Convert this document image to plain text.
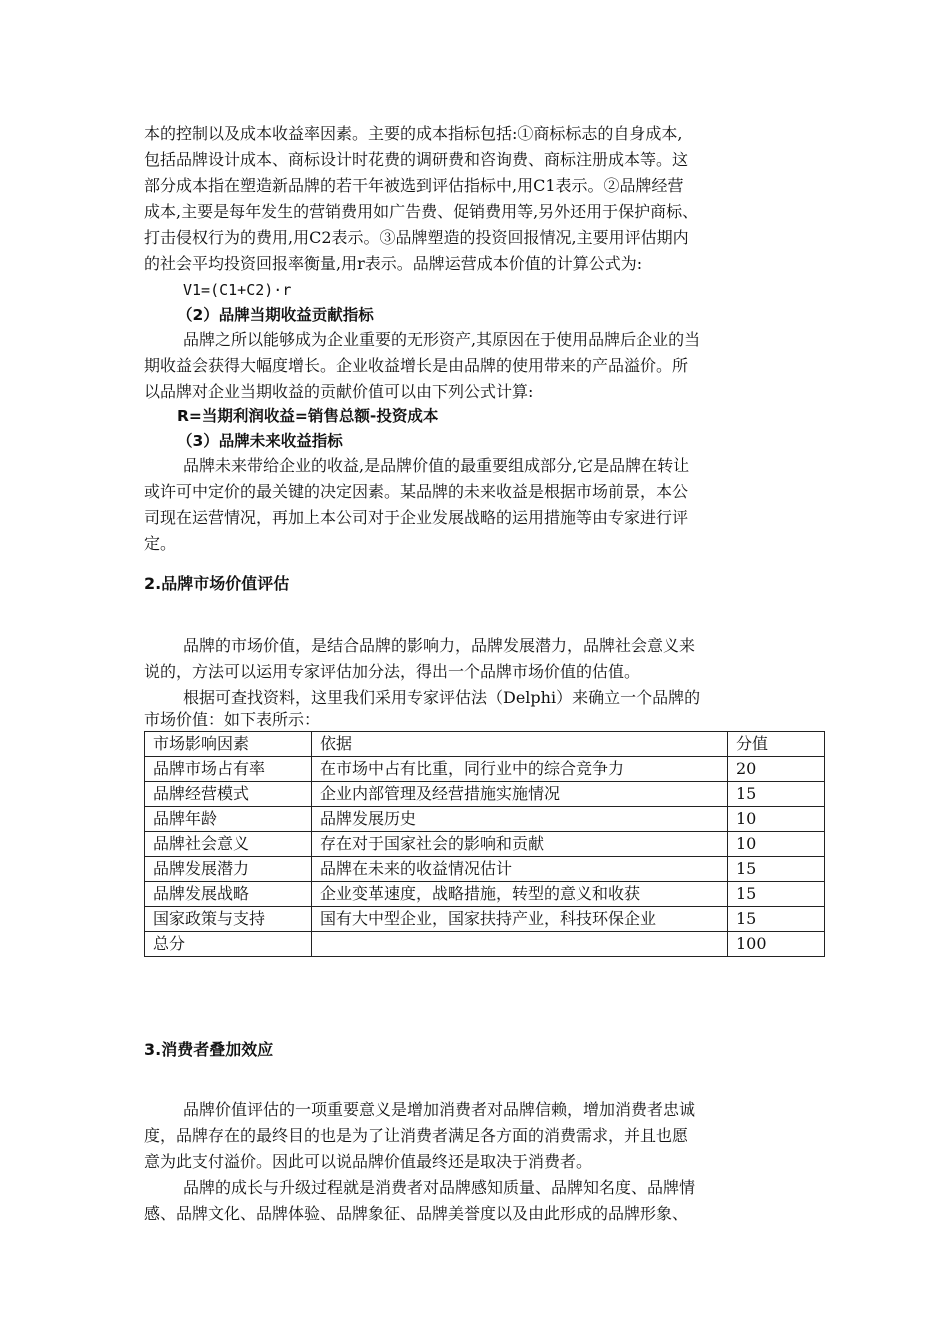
本的控制以及成本收益率因素。主要的成本指标包括:①商标标志的自身成本,
包括品牌设计成本、商标设计时花费的调研费和咨询费、商标注册成本等。这
部分成本指在塑造新品牌的若干年被选到评估指标中,用C1表示。②品牌经营
成本,主要是每年发生的营销费用如广告费、促销费用等,另外还用于保护商标、
打击侵权行为的费用,用C2表示。③品牌塑造的投资回报情况,主要用评估期内
的社会平均投资回报率衡量,用r表示。品牌运营成本价值的计算公式为:
V1=(C1+C2)·r
（2）品牌当期收益贡献指标
品牌之所以能够成为企业重要的无形资产,其原因在于使用品牌后企业的当
期收益会获得大幅度增长。企业收益增长是由品牌的使用带来的产品溢价。所
以品牌对企业当期收益的贡献价值可以由下列公式计算:
R=当期利润收益=销售总额-投资成本
（3）品牌未来收益指标
品牌未来带给企业的收益,是品牌价值的最重要组成部分,它是品牌在转让
或许可中定价的最关键的决定因素。某品牌的未来收益是根据市场前景，本公
司现在运营情况，再加上本公司对于企业发展战略的运用措施等由专家进行评
定。
2.品牌市场价值评估
品牌的市场价值，是结合品牌的影响力，品牌发展潜力，品牌社会意义来
说的，方法可以运用专家评估加分法，得出一个品牌市场价值的估值。
根据可查找资料，这里我们采用专家评估法（Delphi）来确立一个品牌的
市场价值：如下表所示：
市场影响因素	依据	分值
品牌市场占有率	在市场中占有比重，同行业中的综合竞争力	20
品牌经营模式	企业内部管理及经营措施实施情况	15
品牌年龄	品牌发展历史	10
品牌社会意义	存在对于国家社会的影响和贡献	10
品牌发展潜力	品牌在未来的收益情况估计	15
品牌发展战略	企业变革速度，战略措施，转型的意义和收获	15
国家政策与支持	国有大中型企业，国家扶持产业，科技环保企业	15
总分		100
3.消费者叠加效应
品牌价值评估的一项重要意义是增加消费者对品牌信赖，增加消费者忠诚
度，品牌存在的最终目的也是为了让消费者满足各方面的消费需求，并且也愿
意为此支付溢价。因此可以说品牌价值最终还是取决于消费者。
品牌的成长与升级过程就是消费者对品牌感知质量、品牌知名度、品牌情
感、品牌文化、品牌体验、品牌象征、品牌美誉度以及由此形成的品牌形象、
